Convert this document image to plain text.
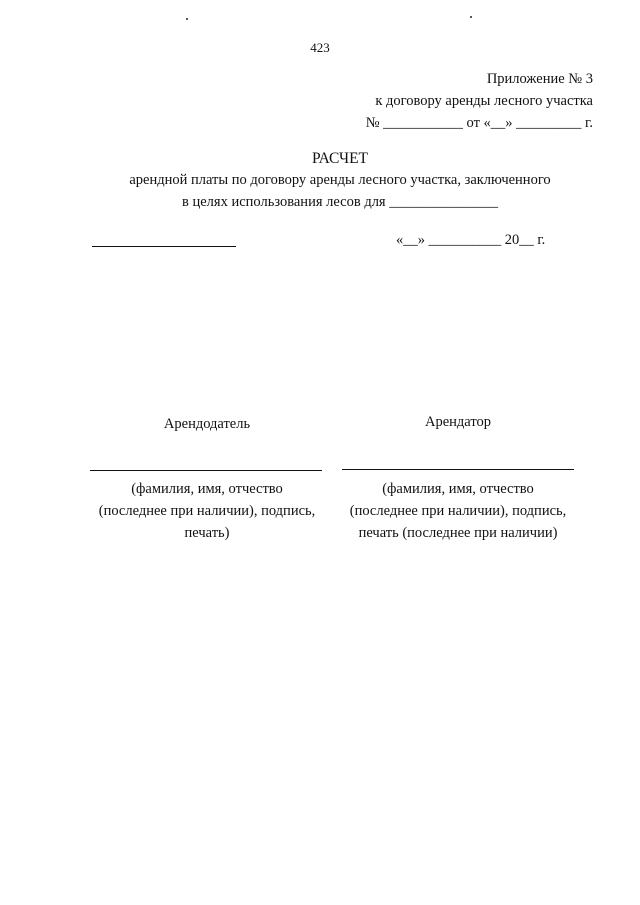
423
Приложение № 3
к договору аренды лесного участка
№ ___________ от «__» _________ г.
РАСЧЕТ
арендной платы по договору аренды лесного участка, заключенного
в целях использования лесов для _______________
«__» __________ 20__ г.
Арендодатель	Арендатор
(фамилия, имя, отчество
(последнее при наличии), подпись,
печать)
(фамилия, имя, отчество
(последнее при наличии), подпись,
печать (последнее при наличии)
